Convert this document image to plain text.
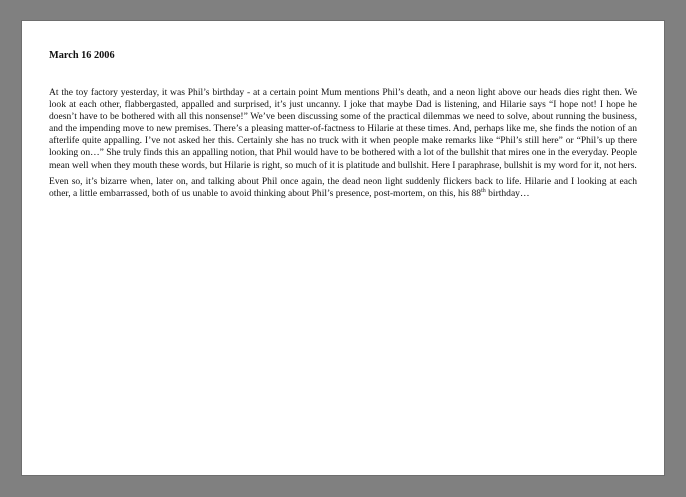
March 16 2006

At the toy factory yesterday, it was Phil’s birthday - at a certain point Mum mentions Phil’s death, and a neon light above our heads dies right then. We look at each other, flabbergasted, appalled and surprised, it’s just uncanny. I joke that maybe Dad is listening, and Hilarie says “I hope not! I hope he doesn’t have to be bothered with all this nonsense!” We’ve been discussing some of the practical dilemmas we need to solve, about running the business, and the impending move to new premises. There’s a pleasing matter-of-factness to Hilarie at these times. And, perhaps like me, she finds the notion of an afterlife quite appalling. I’ve not asked her this. Certainly she has no truck with it when people make remarks like “Phil’s still here” or “Phil’s up there looking on…” She truly finds this an appalling notion, that Phil would have to be bothered with a lot of the bullshit that mires one in the everyday. People mean well when they mouth these words, but Hilarie is right, so much of it is platitude and bullshit. Here I paraphrase, bullshit is my word for it, not hers.

Even so, it’s bizarre when, later on, and talking about Phil once again, the dead neon light suddenly flickers back to life. Hilarie and I looking at each other, a little embarrassed, both of us unable to avoid thinking about Phil’s presence, post-mortem, on this, his 88th birthday…
